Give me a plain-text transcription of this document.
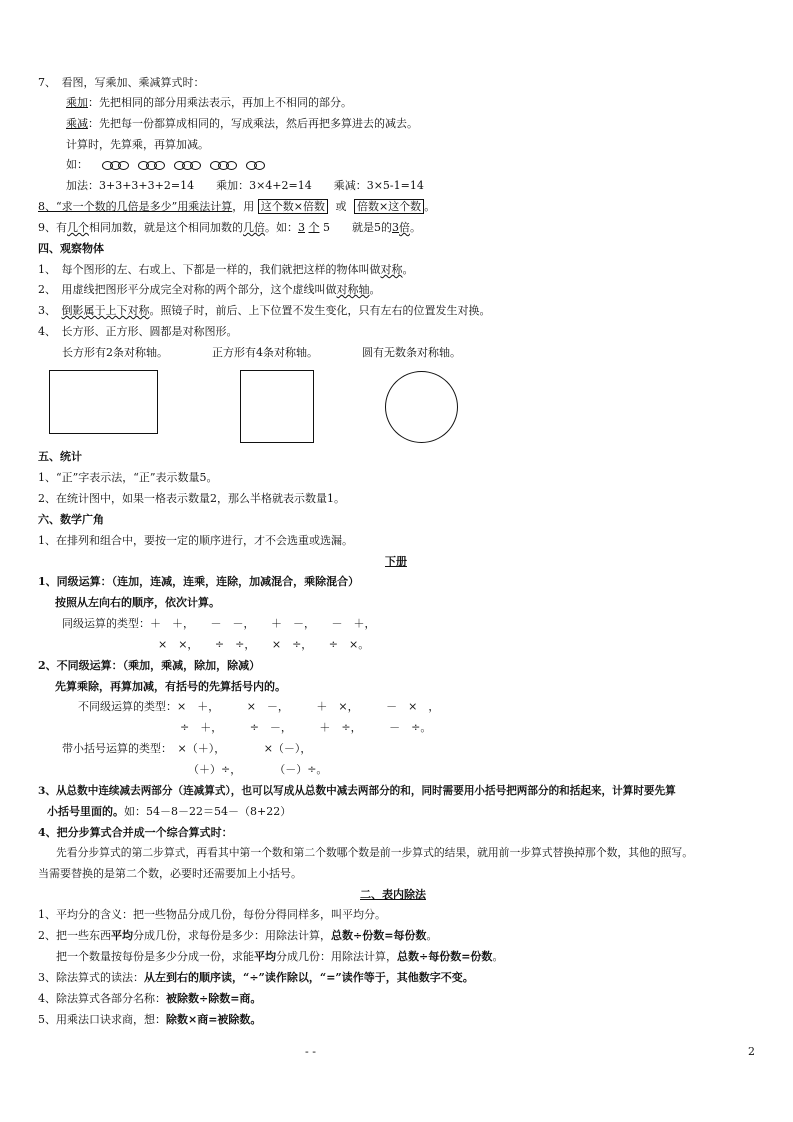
7、　看图，写乘加、乘减算式时：
乘加：先把相同的部分用乘法表示，再加上不相同的部分。
乘减：先把每一份都算成相同的，写成乘法，然后再把多算进去的减去。
计算时，先算乘，再算加减。
如：
加法：3+3+3+3+2=14　　乘加：3×4+2=14　　乘减：3×5-1=14
8、“求一个数的几倍是多少”用乘法计算，用 这个数×倍数 或 倍数×这个数 。
9、有几个相同加数，就是这个相同加数的几倍。如：3 个 5　　就是5的3倍。
四、观察物体
1、　每个图形的左、右或上、下都是一样的，我们就把这样的物体叫做对称。
2、　用虚线把图形平分成完全对称的两个部分，这个虚线叫做对称轴。
3、　倒影属于上下对称。照镜子时，前后、上下位置不发生变化，只有左右的位置发生对换。
4、　长方形、正方形、圆都是对称图形。
长方形有2条对称轴。	正方形有4条对称轴。	圆有无数条对称轴。
五、统计
1、“正”字表示法，“正”表示数量5。
2、在统计图中，如果一格表示数量2，那么半格就表示数量1。
六、数学广角
1、在排列和组合中，要按一定的顺序进行，才不会选重或选漏。
下册
1、同级运算：（连加，连减，连乘，连除，加减混合，乘除混合）
按照从左向右的顺序，依次计算。
同级运算的类型：＋　＋，　　－　－，　　＋　－，　　－　＋，
×　×，　　÷　÷，　　×　÷，　　÷　×。
2、不同级运算：（乘加，乘减，除加，除减）
先算乘除，再算加减，有括号的先算括号内的。
不同级运算的类型：×　＋，　　　×　－，　　　＋　×，　　　－　×　，
÷　＋，　　　÷　－，　　　＋　÷，　　　－　÷。
带小括号运算的类型：　×（＋），　　　　×（－），
（＋）÷，　　　　（－）÷。
3、从总数中连续减去两部分（连减算式），也可以写成从总数中减去两部分的和，同时需要用小括号把两部分的和括起来，计算时要先算
小括号里面的。如：54－8－22＝54－（8+22）
4、把分步算式合并成一个综合算式时：
先看分步算式的第二步算式，再看其中第一个数和第二个数哪个数是前一步算式的结果，就用前一步算式替换掉那个数，其他的照写。
当需要替换的是第二个数，必要时还需要加上小括号。
二、表内除法
1、平均分的含义：把一些物品分成几份，每份分得同样多，叫平均分。
2、把一些东西平均分成几份，求每份是多少：用除法计算，总数÷份数=每份数。
把一个数量按每份是多少分成一份，求能平均分成几份：用除法计算，总数÷每份数=份数。
3、除法算式的读法：从左到右的顺序读，“÷”读作除以，“=”读作等于，其他数字不变。
4、除法算式各部分名称：被除数÷除数=商。
5、用乘法口诀求商，想：除数×商=被除数。
- -	2
